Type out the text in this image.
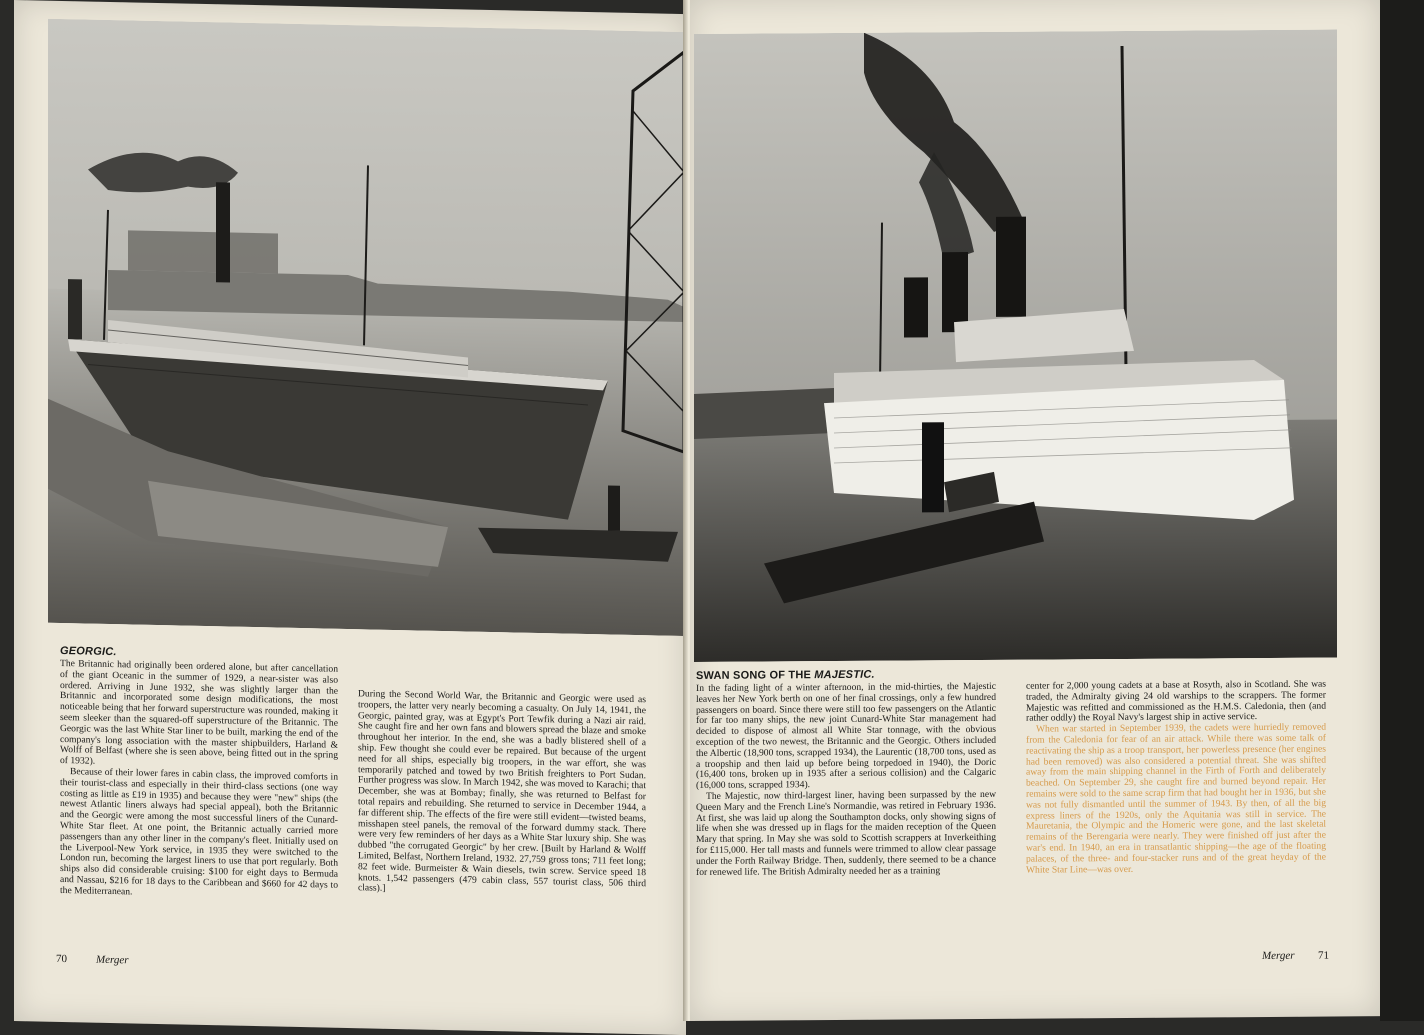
GEORGIC.

The Britannic had originally been ordered alone, but after cancellation of the giant Oceanic in the summer of 1929, a near-sister was also ordered. Arriving in June 1932, she was slightly larger than the Britannic and incorporated some design modifications, the most noticeable being that her forward superstructure was rounded, making it seem sleeker than the squared-off superstructure of the Britannic. The Georgic was the last White Star liner to be built, marking the end of the company's long association with the master shipbuilders, Harland & Wolff of Belfast (where she is seen above, being fitted out in the spring of 1932).

Because of their lower fares in cabin class, the improved comforts in their tourist-class and especially in their third-class sections (one way costing as little as £19 in 1935) and because they were "new" ships (the newest Atlantic liners always had special appeal), both the Britannic and the Georgic were among the most successful liners of the Cunard-White Star fleet. At one point, the Britannic actually carried more passengers than any other liner in the company's fleet. Initially used on the Liverpool-New York service, in 1935 they were switched to the London run, becoming the largest liners to use that port regularly. Both ships also did considerable cruising: $100 for eight days to Bermuda and Nassau, $216 for 18 days to the Caribbean and $660 for 42 days to the Mediterranean.

During the Second World War, the Britannic and Georgic were used as troopers, the latter very nearly becoming a casualty. On July 14, 1941, the Georgic, painted gray, was at Egypt's Port Tewfik during a Nazi air raid. She caught fire and her own fans and blowers spread the blaze and smoke throughout her interior. In the end, she was a badly blistered shell of a ship. Few thought she could ever be repaired. But because of the urgent need for all ships, especially big troopers, in the war effort, she was temporarily patched and towed by two British freighters to Port Sudan. Further progress was slow. In March 1942, she was moved to Karachi; that December, she was at Bombay; finally, she was returned to Belfast for total repairs and rebuilding. She returned to service in December 1944, a far different ship. The effects of the fire were still evident—twisted beams, misshapen steel panels, the removal of the forward dummy stack. There were very few reminders of her days as a White Star luxury ship. She was dubbed "the corrugated Georgic" by her crew. [Built by Harland & Wolff Limited, Belfast, Northern Ireland, 1932. 27,759 gross tons; 711 feet long; 82 feet wide. Burmeister & Wain diesels, twin screw. Service speed 18 knots. 1,542 passengers (479 cabin class, 557 tourist class, 506 third class).]

70	Merger
SWAN SONG OF THE MAJESTIC.

In the fading light of a winter afternoon, in the mid-thirties, the Majestic leaves her New York berth on one of her final crossings, only a few hundred passengers on board. Since there were still too few passengers on the Atlantic for far too many ships, the new joint Cunard-White Star management had decided to dispose of almost all White Star tonnage, with the obvious exception of the two newest, the Britannic and the Georgic. Others included the Albertic (18,900 tons, scrapped 1934), the Laurentic (18,700 tons, used as a troopship and then laid up before being torpedoed in 1940), the Doric (16,400 tons, broken up in 1935 after a serious collision) and the Calgaric (16,000 tons, scrapped 1934).

The Majestic, now third-largest liner, having been surpassed by the new Queen Mary and the French Line's Normandie, was retired in February 1936. At first, she was laid up along the Southampton docks, only showing signs of life when she was dressed up in flags for the maiden reception of the Queen Mary that spring. In May she was sold to Scottish scrappers at Inverkeithing for £115,000. Her tall masts and funnels were trimmed to allow clear passage under the Forth Railway Bridge. Then, suddenly, there seemed to be a chance for renewed life. The British Admiralty needed her as a training

center for 2,000 young cadets at a base at Rosyth, also in Scotland. She was traded, the Admiralty giving 24 old warships to the scrappers. The former Majestic was refitted and commissioned as the H.M.S. Caledonia, then (and rather oddly) the Royal Navy's largest ship in active service.

When war started in September 1939, the cadets were hurriedly removed from the Caledonia for fear of an air attack. While there was some talk of reactivating the ship as a troop transport, her powerless presence (her engines had been removed) was also considered a potential threat. She was shifted away from the main shipping channel in the Firth of Forth and deliberately beached. On September 29, she caught fire and burned beyond repair. Her remains were sold to the same scrap firm that had bought her in 1936, but she was not fully dismantled until the summer of 1943. By then, of all the big express liners of the 1920s, only the Aquitania was still in service. The Mauretania, the Olympic and the Homeric were gone, and the last skeletal remains of the Berengaria were nearly. They were finished off just after the war's end. In 1940, an era in transatlantic shipping—the age of the floating palaces, of the three- and four-stacker runs and of the great heyday of the White Star Line—was over.

Merger 71
